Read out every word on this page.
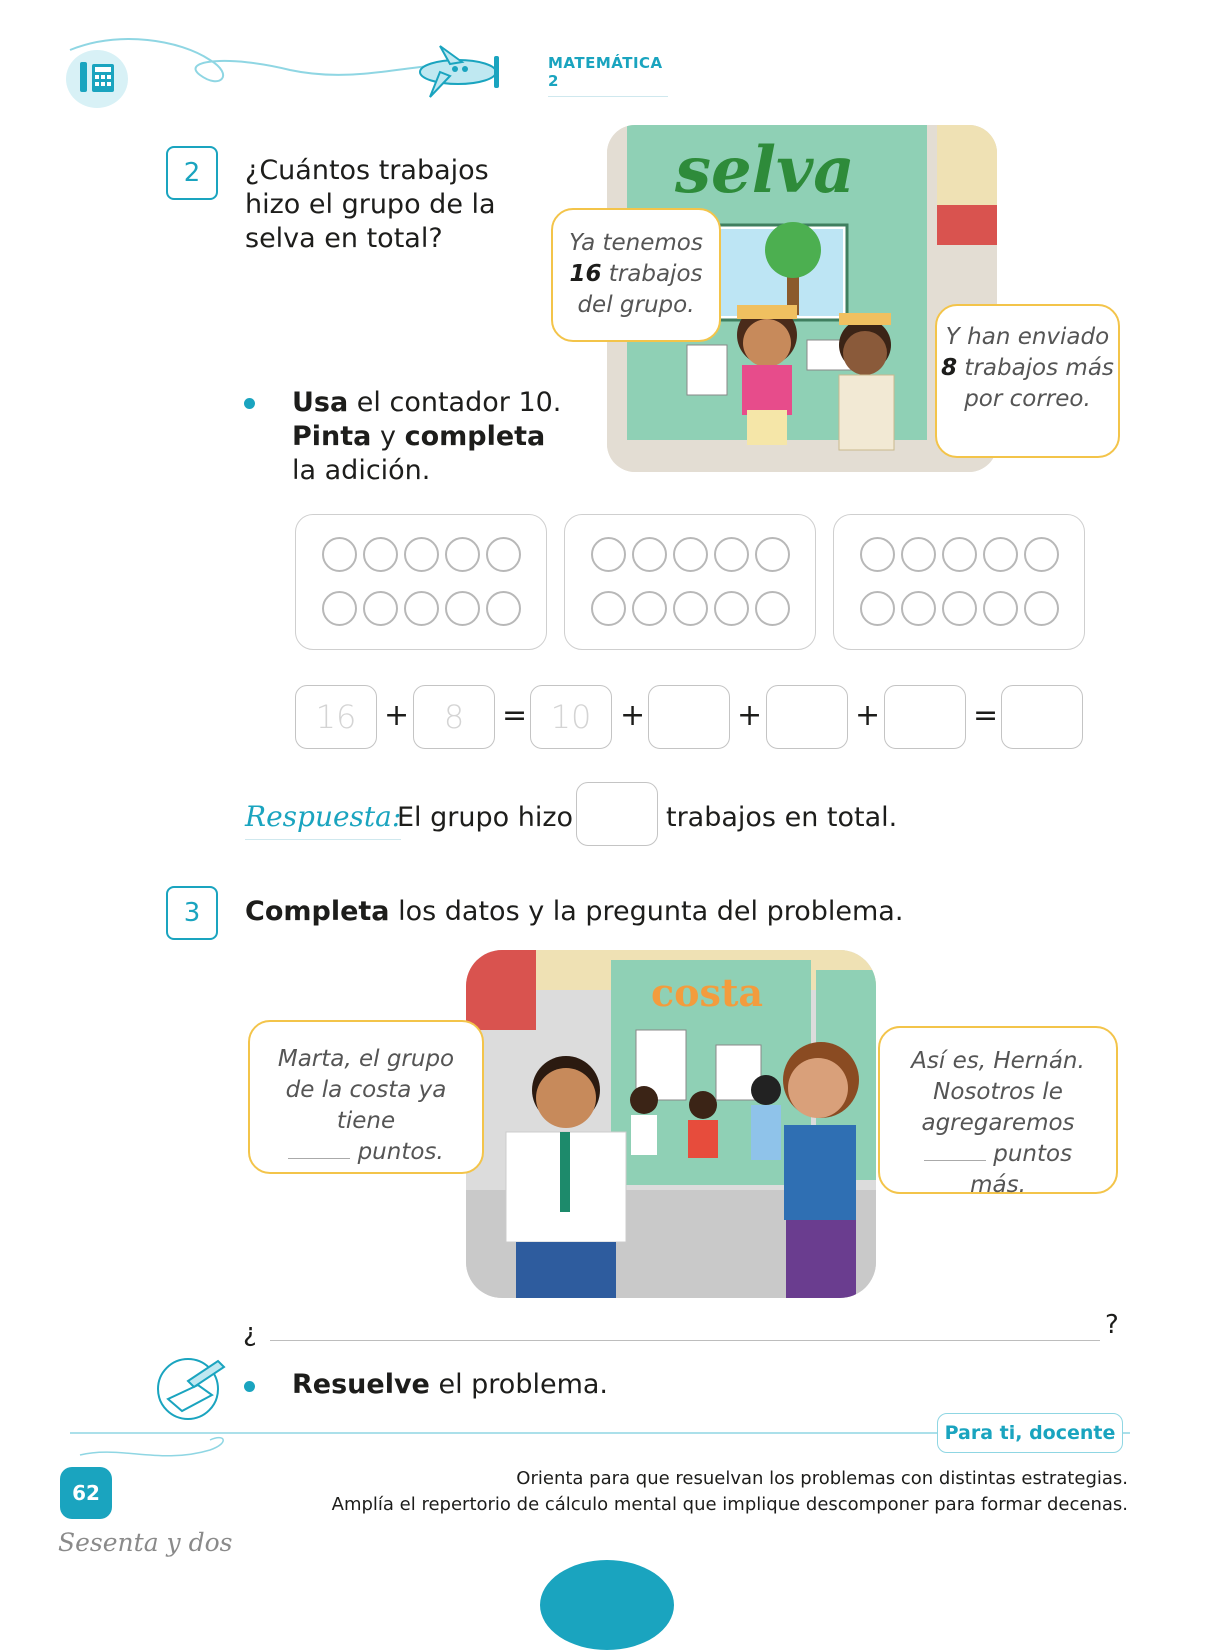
MATEMÁTICA 2
2	¿Cuántos trabajos hizo el grupo de la selva en total?
Usa el contador 10. Pinta y completa la adición.
selva
Ya tenemos
16 trabajos del grupo.
Y han enviado
8 trabajos más por correo.
16 +	8	= 10 +	+	+	=
Respuesta:
El grupo hizo	trabajos en total.
3	Completa los datos y la pregunta del problema.
costa
Marta, el grupo de la costa ya tiene
puntos.
Así es, Hernán. Nosotros le agregaremos
puntos más.
¿	?
Resuelve el problema.
Para ti, docente
Orienta para que resuelvan los problemas con distintas estrategias.
Amplía el repertorio de cálculo mental que implique descomponer para formar decenas.
62
Sesenta y dos
